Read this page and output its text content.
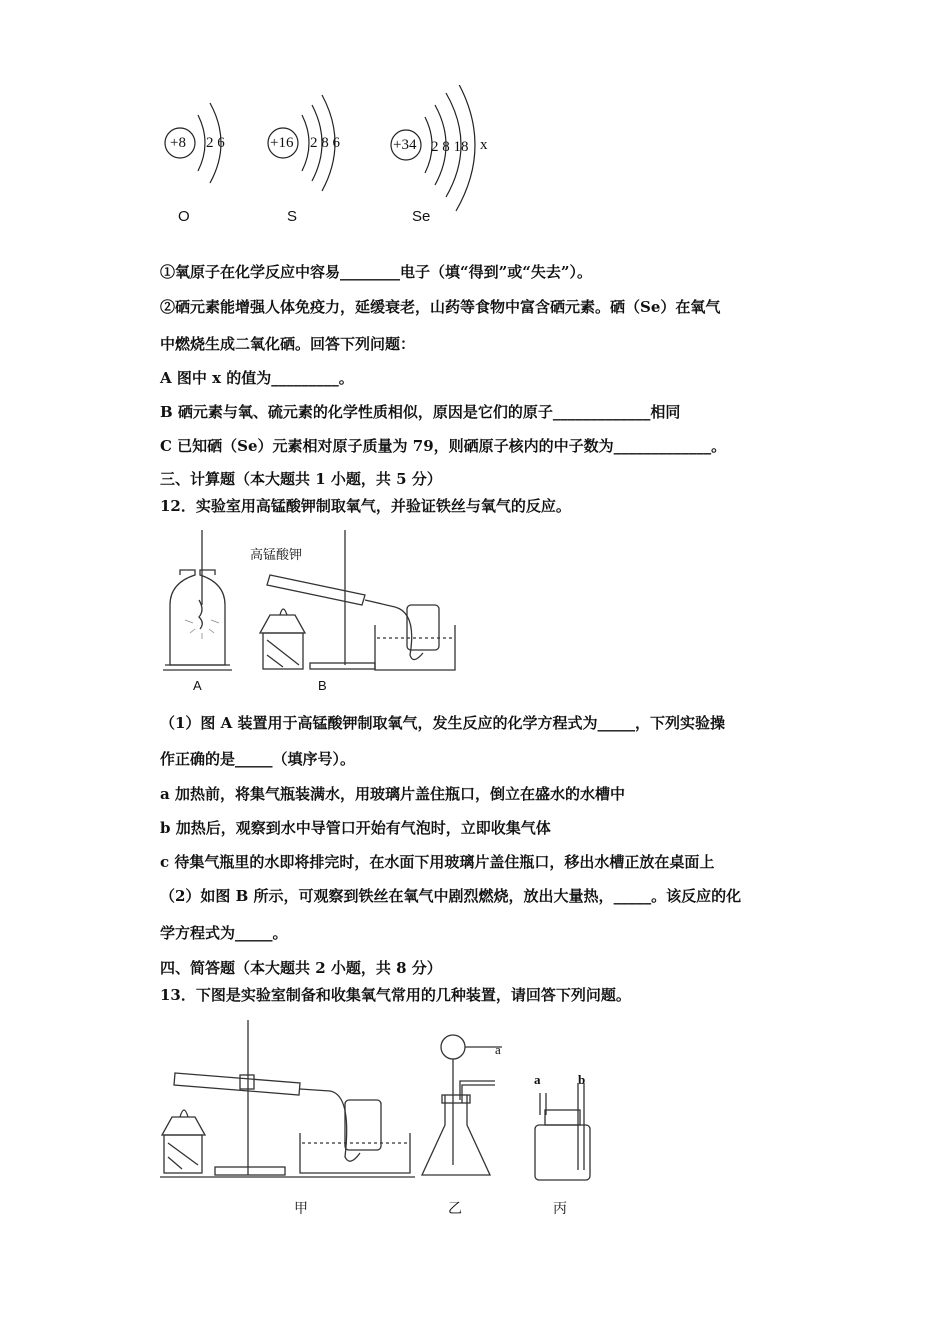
+8 2 6
O
+16 2 8 6
S
+34 2 8 18 x
Se
①氧原子在化学反应中容易________电子（填“得到”或“失去”）。
②硒元素能增强人体免疫力，延缓衰老，山药等食物中富含硒元素。硒（Se）在氧气
中燃烧生成二氧化硒。回答下列问题：
A 图中 x 的值为_________。
B 硒元素与氧、硫元素的化学性质相似，原因是它们的原子_____________相同
C 已知硒（Se）元素相对原子质量为 79，则硒原子核内的中子数为_____________。
三、计算题（本大题共 1 小题，共 5 分）
12．实验室用高锰酸钾制取氧气，并验证铁丝与氧气的反应。
高锰酸钾
A	B
（1）图 A 装置用于高锰酸钾制取氧气，发生反应的化学方程式为_____，下列实验操
作正确的是_____（填序号）。
a 加热前，将集气瓶装满水，用玻璃片盖住瓶口，倒立在盛水的水槽中
b 加热后，观察到水中导管口开始有气泡时，立即收集气体
c 待集气瓶里的水即将排完时，在水面下用玻璃片盖住瓶口，移出水槽正放在桌面上
（2）如图 B 所示，可观察到铁丝在氧气中剧烈燃烧，放出大量热，_____。该反应的化
学方程式为_____。
四、简答题（本大题共 2 小题，共 8 分）
13．下图是实验室制备和收集氧气常用的几种装置，请回答下列问题。
a
a	b
甲	乙	丙
